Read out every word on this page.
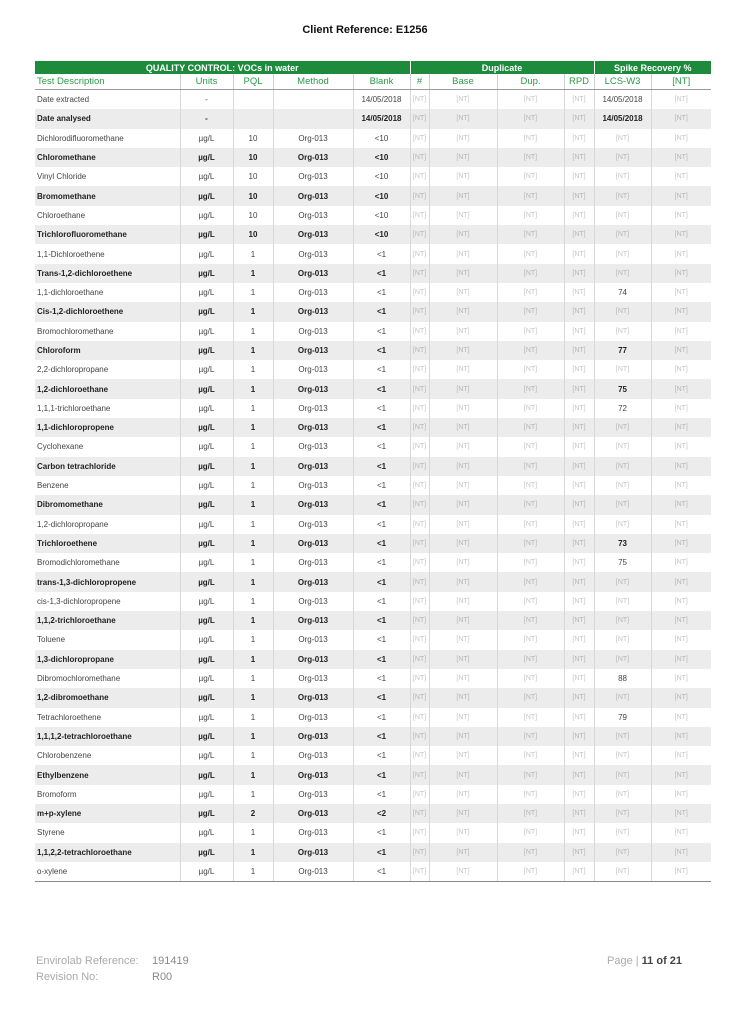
Client Reference: E1256
QUALITY CONTROL: VOCs in water					Duplicate				Spike Recovery %	
Test Description	Units	PQL	Method	Blank	#	Base	Dup.	RPD	LCS-W3	[NT]
Date extracted	-			14/05/2018	[NT]	[NT]	[NT]	[NT]	14/05/2018	[NT]
Date analysed	-			14/05/2018	[NT]	[NT]	[NT]	[NT]	14/05/2018	[NT]
Dichlorodifluoromethane	µg/L	10	Org-013	<10	[NT]	[NT]	[NT]	[NT]	[NT]	[NT]
Chloromethane	µg/L	10	Org-013	<10	[NT]	[NT]	[NT]	[NT]	[NT]	[NT]
Vinyl Chloride	µg/L	10	Org-013	<10	[NT]	[NT]	[NT]	[NT]	[NT]	[NT]
Bromomethane	µg/L	10	Org-013	<10	[NT]	[NT]	[NT]	[NT]	[NT]	[NT]
Chloroethane	µg/L	10	Org-013	<10	[NT]	[NT]	[NT]	[NT]	[NT]	[NT]
Trichlorofluoromethane	µg/L	10	Org-013	<10	[NT]	[NT]	[NT]	[NT]	[NT]	[NT]
1,1-Dichloroethene	µg/L	1	Org-013	<1	[NT]	[NT]	[NT]	[NT]	[NT]	[NT]
Trans-1,2-dichloroethene	µg/L	1	Org-013	<1	[NT]	[NT]	[NT]	[NT]	[NT]	[NT]
1,1-dichloroethane	µg/L	1	Org-013	<1	[NT]	[NT]	[NT]	[NT]	74	[NT]
Cis-1,2-dichloroethene	µg/L	1	Org-013	<1	[NT]	[NT]	[NT]	[NT]	[NT]	[NT]
Bromochloromethane	µg/L	1	Org-013	<1	[NT]	[NT]	[NT]	[NT]	[NT]	[NT]
Chloroform	µg/L	1	Org-013	<1	[NT]	[NT]	[NT]	[NT]	77	[NT]
2,2-dichloropropane	µg/L	1	Org-013	<1	[NT]	[NT]	[NT]	[NT]	[NT]	[NT]
1,2-dichloroethane	µg/L	1	Org-013	<1	[NT]	[NT]	[NT]	[NT]	75	[NT]
1,1,1-trichloroethane	µg/L	1	Org-013	<1	[NT]	[NT]	[NT]	[NT]	72	[NT]
1,1-dichloropropene	µg/L	1	Org-013	<1	[NT]	[NT]	[NT]	[NT]	[NT]	[NT]
Cyclohexane	µg/L	1	Org-013	<1	[NT]	[NT]	[NT]	[NT]	[NT]	[NT]
Carbon tetrachloride	µg/L	1	Org-013	<1	[NT]	[NT]	[NT]	[NT]	[NT]	[NT]
Benzene	µg/L	1	Org-013	<1	[NT]	[NT]	[NT]	[NT]	[NT]	[NT]
Dibromomethane	µg/L	1	Org-013	<1	[NT]	[NT]	[NT]	[NT]	[NT]	[NT]
1,2-dichloropropane	µg/L	1	Org-013	<1	[NT]	[NT]	[NT]	[NT]	[NT]	[NT]
Trichloroethene	µg/L	1	Org-013	<1	[NT]	[NT]	[NT]	[NT]	73	[NT]
Bromodichloromethane	µg/L	1	Org-013	<1	[NT]	[NT]	[NT]	[NT]	75	[NT]
trans-1,3-dichloropropene	µg/L	1	Org-013	<1	[NT]	[NT]	[NT]	[NT]	[NT]	[NT]
cis-1,3-dichloropropene	µg/L	1	Org-013	<1	[NT]	[NT]	[NT]	[NT]	[NT]	[NT]
1,1,2-trichloroethane	µg/L	1	Org-013	<1	[NT]	[NT]	[NT]	[NT]	[NT]	[NT]
Toluene	µg/L	1	Org-013	<1	[NT]	[NT]	[NT]	[NT]	[NT]	[NT]
1,3-dichloropropane	µg/L	1	Org-013	<1	[NT]	[NT]	[NT]	[NT]	[NT]	[NT]
Dibromochloromethane	µg/L	1	Org-013	<1	[NT]	[NT]	[NT]	[NT]	88	[NT]
1,2-dibromoethane	µg/L	1	Org-013	<1	[NT]	[NT]	[NT]	[NT]	[NT]	[NT]
Tetrachloroethene	µg/L	1	Org-013	<1	[NT]	[NT]	[NT]	[NT]	79	[NT]
1,1,1,2-tetrachloroethane	µg/L	1	Org-013	<1	[NT]	[NT]	[NT]	[NT]	[NT]	[NT]
Chlorobenzene	µg/L	1	Org-013	<1	[NT]	[NT]	[NT]	[NT]	[NT]	[NT]
Ethylbenzene	µg/L	1	Org-013	<1	[NT]	[NT]	[NT]	[NT]	[NT]	[NT]
Bromoform	µg/L	1	Org-013	<1	[NT]	[NT]	[NT]	[NT]	[NT]	[NT]
m+p-xylene	µg/L	2	Org-013	<2	[NT]	[NT]	[NT]	[NT]	[NT]	[NT]
Styrene	µg/L	1	Org-013	<1	[NT]	[NT]	[NT]	[NT]	[NT]	[NT]
1,1,2,2-tetrachloroethane	µg/L	1	Org-013	<1	[NT]	[NT]	[NT]	[NT]	[NT]	[NT]
o-xylene	µg/L	1	Org-013	<1	[NT]	[NT]	[NT]	[NT]	[NT]	[NT]
Envirolab Reference: 191419
Revision No:	R00
Page | 11 of 21
